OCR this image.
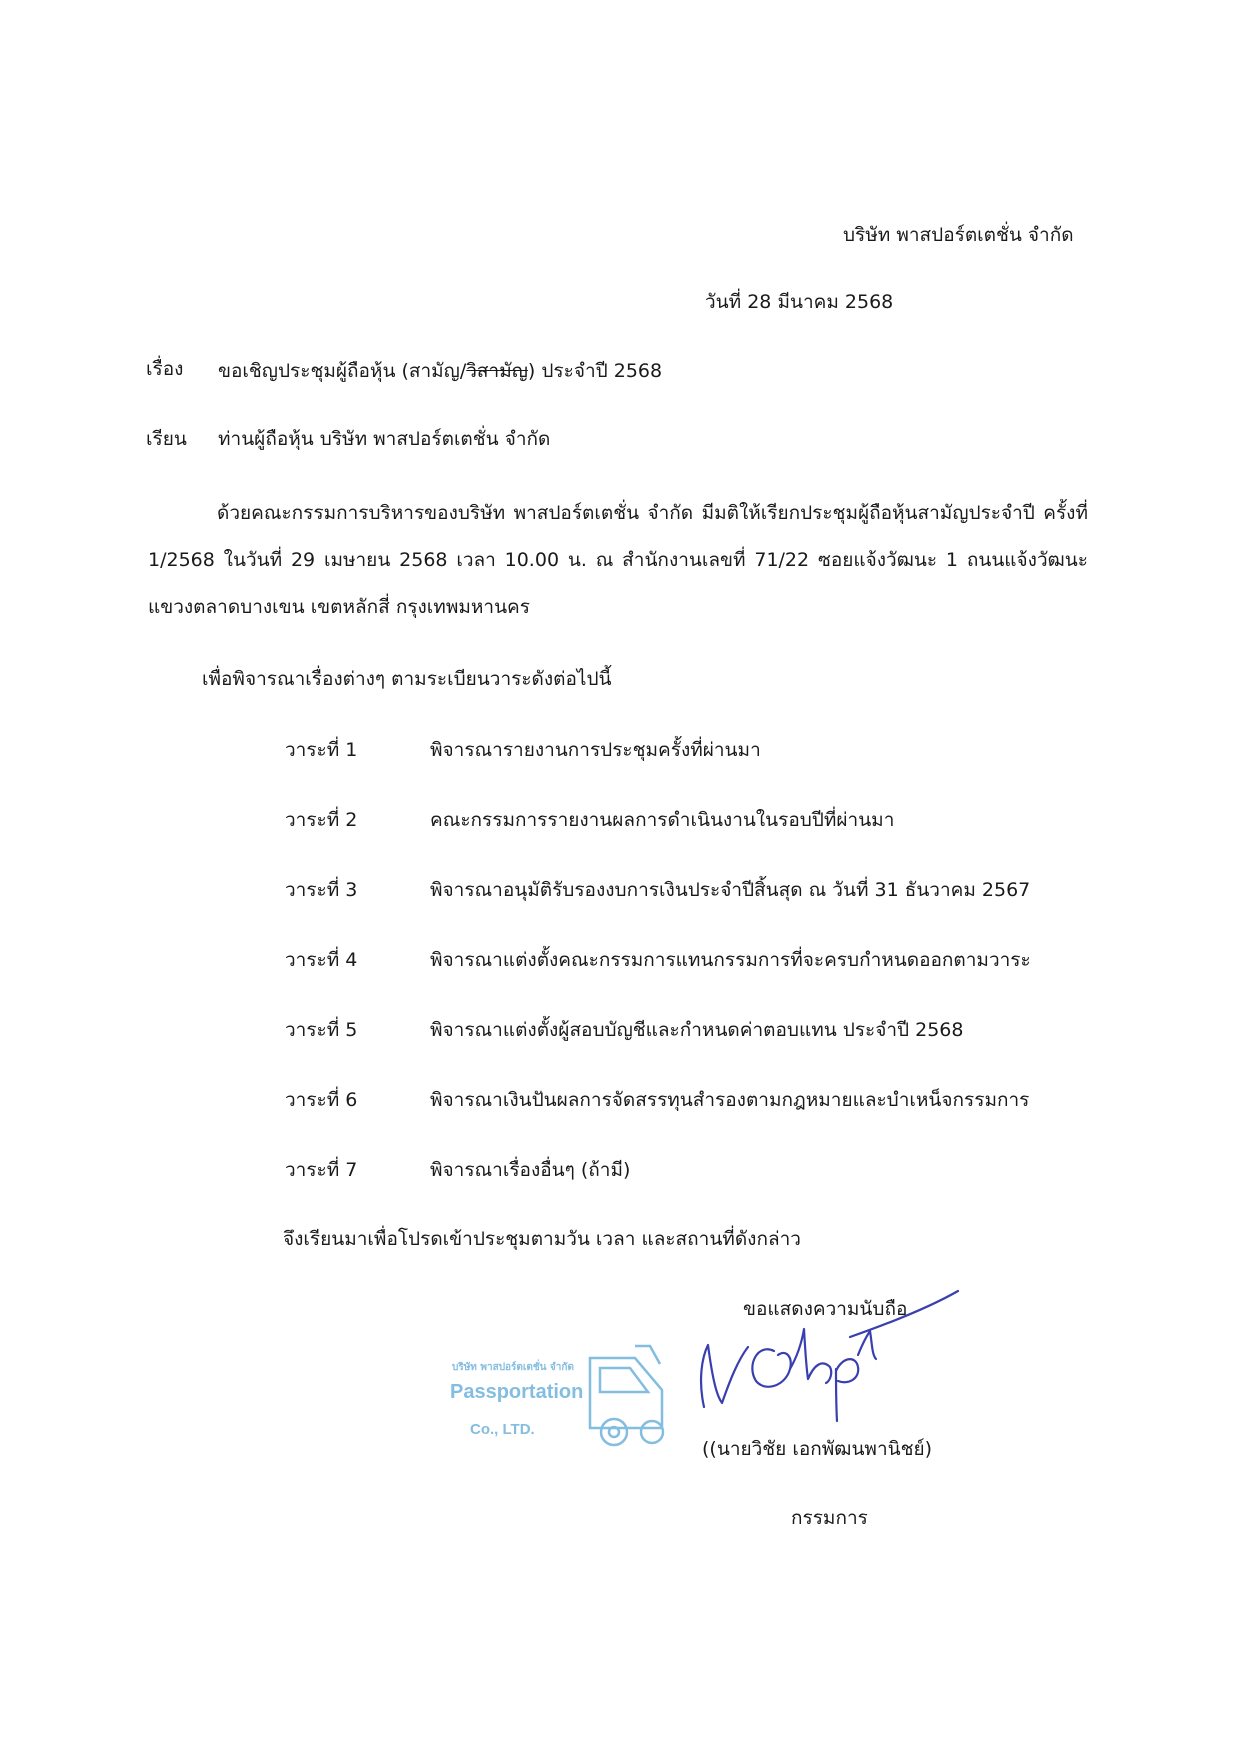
บริษัท พาสปอร์ตเตชั่น จำกัด
วันที่ 28 มีนาคม 2568
เรื่อง ขอเชิญประชุมผู้ถือหุ้น (สามัญ/วิสามัญ) ประจำปี 2568
เรียน ท่านผู้ถือหุ้น บริษัท พาสปอร์ตเตชั่น จำกัด
ด้วยคณะกรรมการบริหารของบริษัท พาสปอร์ตเตชั่น จำกัด มีมติให้เรียกประชุมผู้ถือหุ้นสามัญประจำปี ครั้งที่ 1/2568 ในวันที่ 29 เมษายน 2568 เวลา 10.00 น. ณ สำนักงานเลขที่ 71/22 ซอยแจ้งวัฒนะ 1 ถนนแจ้งวัฒนะ แขวงตลาดบางเขน เขตหลักสี่ กรุงเทพมหานคร
เพื่อพิจารณาเรื่องต่างๆ ตามระเบียนวาระดังต่อไปนี้
วาระที่ 1	พิจารณารายงานการประชุมครั้งที่ผ่านมา
วาระที่ 2	คณะกรรมการรายงานผลการดำเนินงานในรอบปีที่ผ่านมา
วาระที่ 3	พิจารณาอนุมัติรับรองงบการเงินประจำปีสิ้นสุด ณ วันที่ 31 ธันวาคม 2567
วาระที่ 4	พิจารณาแต่งตั้งคณะกรรมการแทนกรรมการที่จะครบกำหนดออกตามวาระ
วาระที่ 5	พิจารณาแต่งตั้งผู้สอบบัญชีและกำหนดค่าตอบแทน ประจำปี 2568
วาระที่ 6	พิจารณาเงินปันผลการจัดสรรทุนสำรองตามกฎหมายและบำเหน็จกรรมการ
วาระที่ 7	พิจารณาเรื่องอื่นๆ (ถ้ามี)
จึงเรียนมาเพื่อโปรดเข้าประชุมตามวัน เวลา และสถานที่ดังกล่าว
ขอแสดงความนับถือ
บริษัท พาสปอร์ตเตชั่น จำกัด
Passportation
Co., LTD.
((นายวิชัย เอกพัฒนพานิชย์)
กรรมการ
